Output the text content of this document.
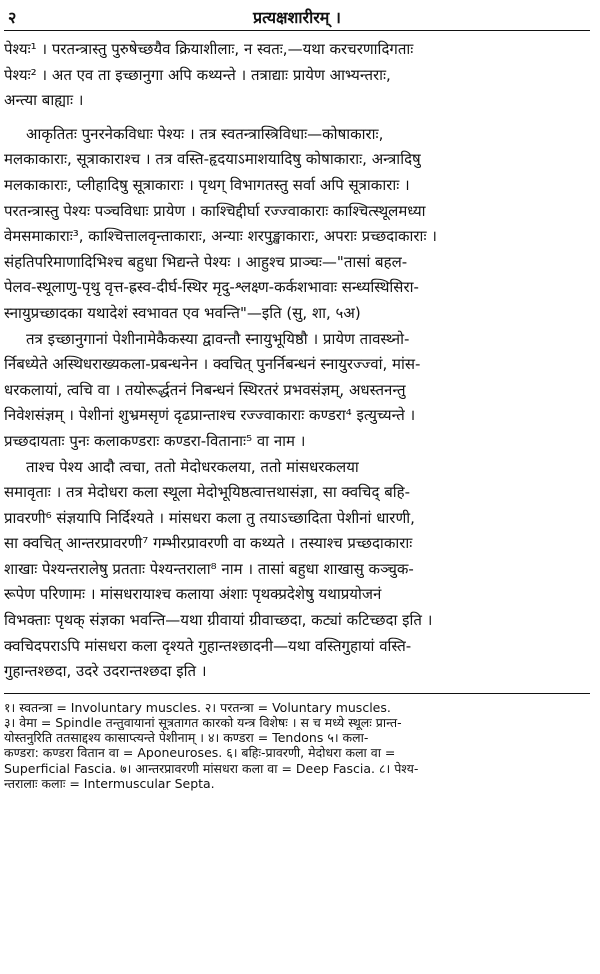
२	प्रत्यक्षशारीरम् ।
पेश्यः¹ । परतन्त्रास्तु पुरुषेच्छयैव क्रियाशीलाः, न स्वतः,—यथा करचरणादिगताः
पेश्यः² । अत एव ता इच्छानुगा अपि कथ्यन्ते । तत्राद्याः प्रायेण आभ्यन्तराः,
अन्त्या बाह्याः ।
आकृतितः पुनरनेकविधाः पेश्यः । तत्र स्वतन्त्रास्त्रिविधाः—कोषाकाराः,
मलकाकाराः, सूत्राकाराश्च । तत्र वस्ति-हृदयाऽमाशयादिषु कोषाकाराः, अन्त्रादिषु
मलकाकाराः, प्लीहादिषु सूत्राकाराः । पृथग् विभागतस्तु सर्वा अपि सूत्राकाराः ।
परतन्त्रास्तु पेश्यः पञ्चविधाः प्रायेण । काश्चिद्दीर्घा रज्ज्वाकाराः काश्चित्स्थूलमध्या
वेमसमाकाराः³, काश्चित्तालवृन्ताकाराः, अन्याः शरपुङ्खाकाराः, अपराः प्रच्छदाकाराः ।
संहतिपरिमाणादिभिश्च बहुधा भिद्यन्ते पेश्यः । आहुश्च प्राञ्चः—"तासां बहल-
पेलव-स्थूलाणु-पृथु वृत्त-ह्रस्व-दीर्घ-स्थिर मृदु-श्लक्ष्ण-कर्कशभावाः सन्ध्यस्थिसिरा-
स्नायुप्रच्छादका यथादेशं स्वभावत एव भवन्ति"—इति (सु, शा, ५अ)
तत्र इच्छानुगानां पेशीनामेकैकस्या द्वावन्तौ स्नायुभूयिष्ठौ । प्रायेण तावस्थ्नो-
र्निबध्येते अस्थिधराख्यकला-प्रबन्धनेन । क्वचित् पुनर्निबन्धनं स्नायुरज्ज्वां, मांस-
धरकलायां, त्वचि वा । तयोरूर्द्धतनं निबन्धनं स्थिरतरं प्रभवसंज्ञम्, अधस्तनन्तु
निवेशसंज्ञम् । पेशीनां शुभ्रमसृणं दृढप्रान्ताश्च रज्ज्वाकाराः कण्डरा⁴ इत्युच्यन्ते ।
प्रच्छदायताः पुनः कलाकण्डराः कण्डरा-वितानाः⁵ वा नाम ।
ताश्च पेश्य आदौ त्वचा, ततो मेदोधरकलया, ततो मांसधरकलया
समावृताः । तत्र मेदोधरा कला स्थूला मेदोभूयिष्ठत्वात्तथासंज्ञा, सा क्वचिद् बहि-
प्रावरणी⁶ संज्ञयापि निर्दिश्यते । मांसधरा कला तु तयाऽच्छादिता पेशीनां धारणी,
सा क्वचित् आन्तरप्रावरणी⁷ गम्भीरप्रावरणी वा कथ्यते । तस्याश्च प्रच्छदाकाराः
शाखाः पेश्यन्तरालेषु प्रतताः पेश्यन्तराला⁸ नाम । तासां बहुधा शाखासु कञ्चुक-
रूपेण परिणामः । मांसधरायाश्च कलाया अंशाः पृथक्प्रदेशेषु यथाप्रयोजनं
विभक्ताः पृथक् संज्ञका भवन्ति—यथा ग्रीवायां ग्रीवाच्छदा, कट्यां कटिच्छदा इति ।
क्वचिदपराऽपि मांसधरा कला दृश्यते गुहान्तश्छादनी—यथा वस्तिगुहायां वस्ति-
गुहान्तश्छदा, उदरे उदरान्तश्छदा इति ।
१। स्वतन्त्रा = Involuntary muscles. २। परतन्त्रा = Voluntary muscles.
३। वेमा = Spindle तन्तुवायानां सूत्रतागत कारको यन्त्र विशेषः । स च मध्ये स्थूलः प्रान्त-
योस्तनुरिति ततसाद्दश्य कासाप्त्यन्ते पेशीनाम् । ४। कण्डरा = Tendons ५। कला-
कण्डरा: कण्डरा वितान वा = Aponeuroses. ६। बहिः-प्रावरणी, मेदोधरा कला वा =
Superficial Fascia. ७। आन्तरप्रावरणी मांसधरा कला वा = Deep Fascia. ८। पेश्य-
न्तरालाः कलाः = Intermuscular Septa.
